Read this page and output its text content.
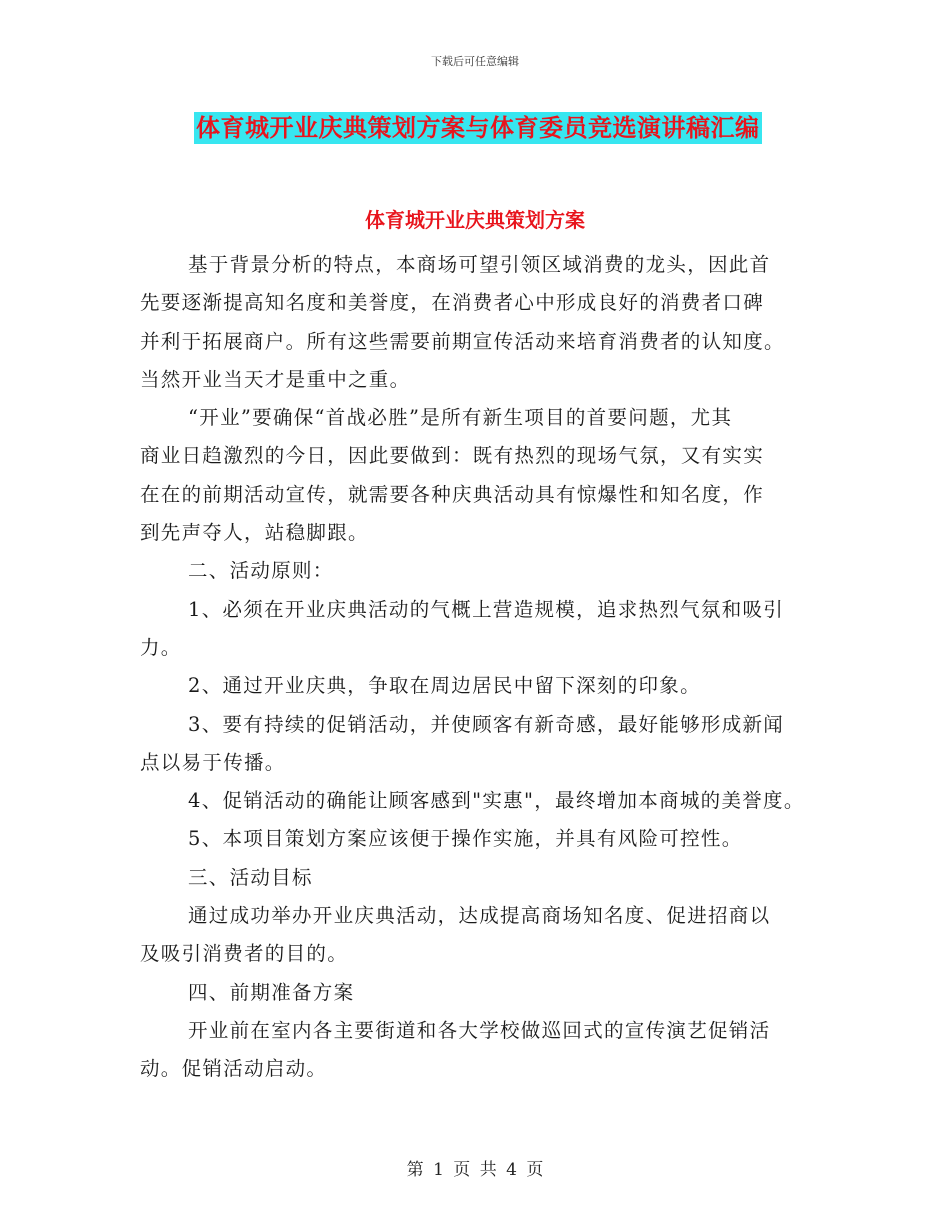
下载后可任意编辑
体育城开业庆典策划方案与体育委员竞选演讲稿汇编
体育城开业庆典策划方案
基于背景分析的特点，本商场可望引领区域消费的龙头，因此首
先要逐渐提高知名度和美誉度，在消费者心中形成良好的消费者口碑
并利于拓展商户。所有这些需要前期宣传活动来培育消费者的认知度。
当然开业当天才是重中之重。
“开业”要确保“首战必胜”是所有新生项目的首要问题，尤其
商业日趋激烈的今日，因此要做到：既有热烈的现场气氛，又有实实
在在的前期活动宣传，就需要各种庆典活动具有惊爆性和知名度，作
到先声夺人，站稳脚跟。
二、活动原则：
1、必须在开业庆典活动的气概上营造规模，追求热烈气氛和吸引
力。
2、通过开业庆典，争取在周边居民中留下深刻的印象。
3、要有持续的促销活动，并使顾客有新奇感，最好能够形成新闻
点以易于传播。
4、促销活动的确能让顾客感到"实惠"，最终增加本商城的美誉度。
5、本项目策划方案应该便于操作实施，并具有风险可控性。
三、活动目标
通过成功举办开业庆典活动，达成提高商场知名度、促进招商以
及吸引消费者的目的。
四、前期准备方案
开业前在室内各主要街道和各大学校做巡回式的宣传演艺促销活
动。促销活动启动。
第 1 页 共 4 页
